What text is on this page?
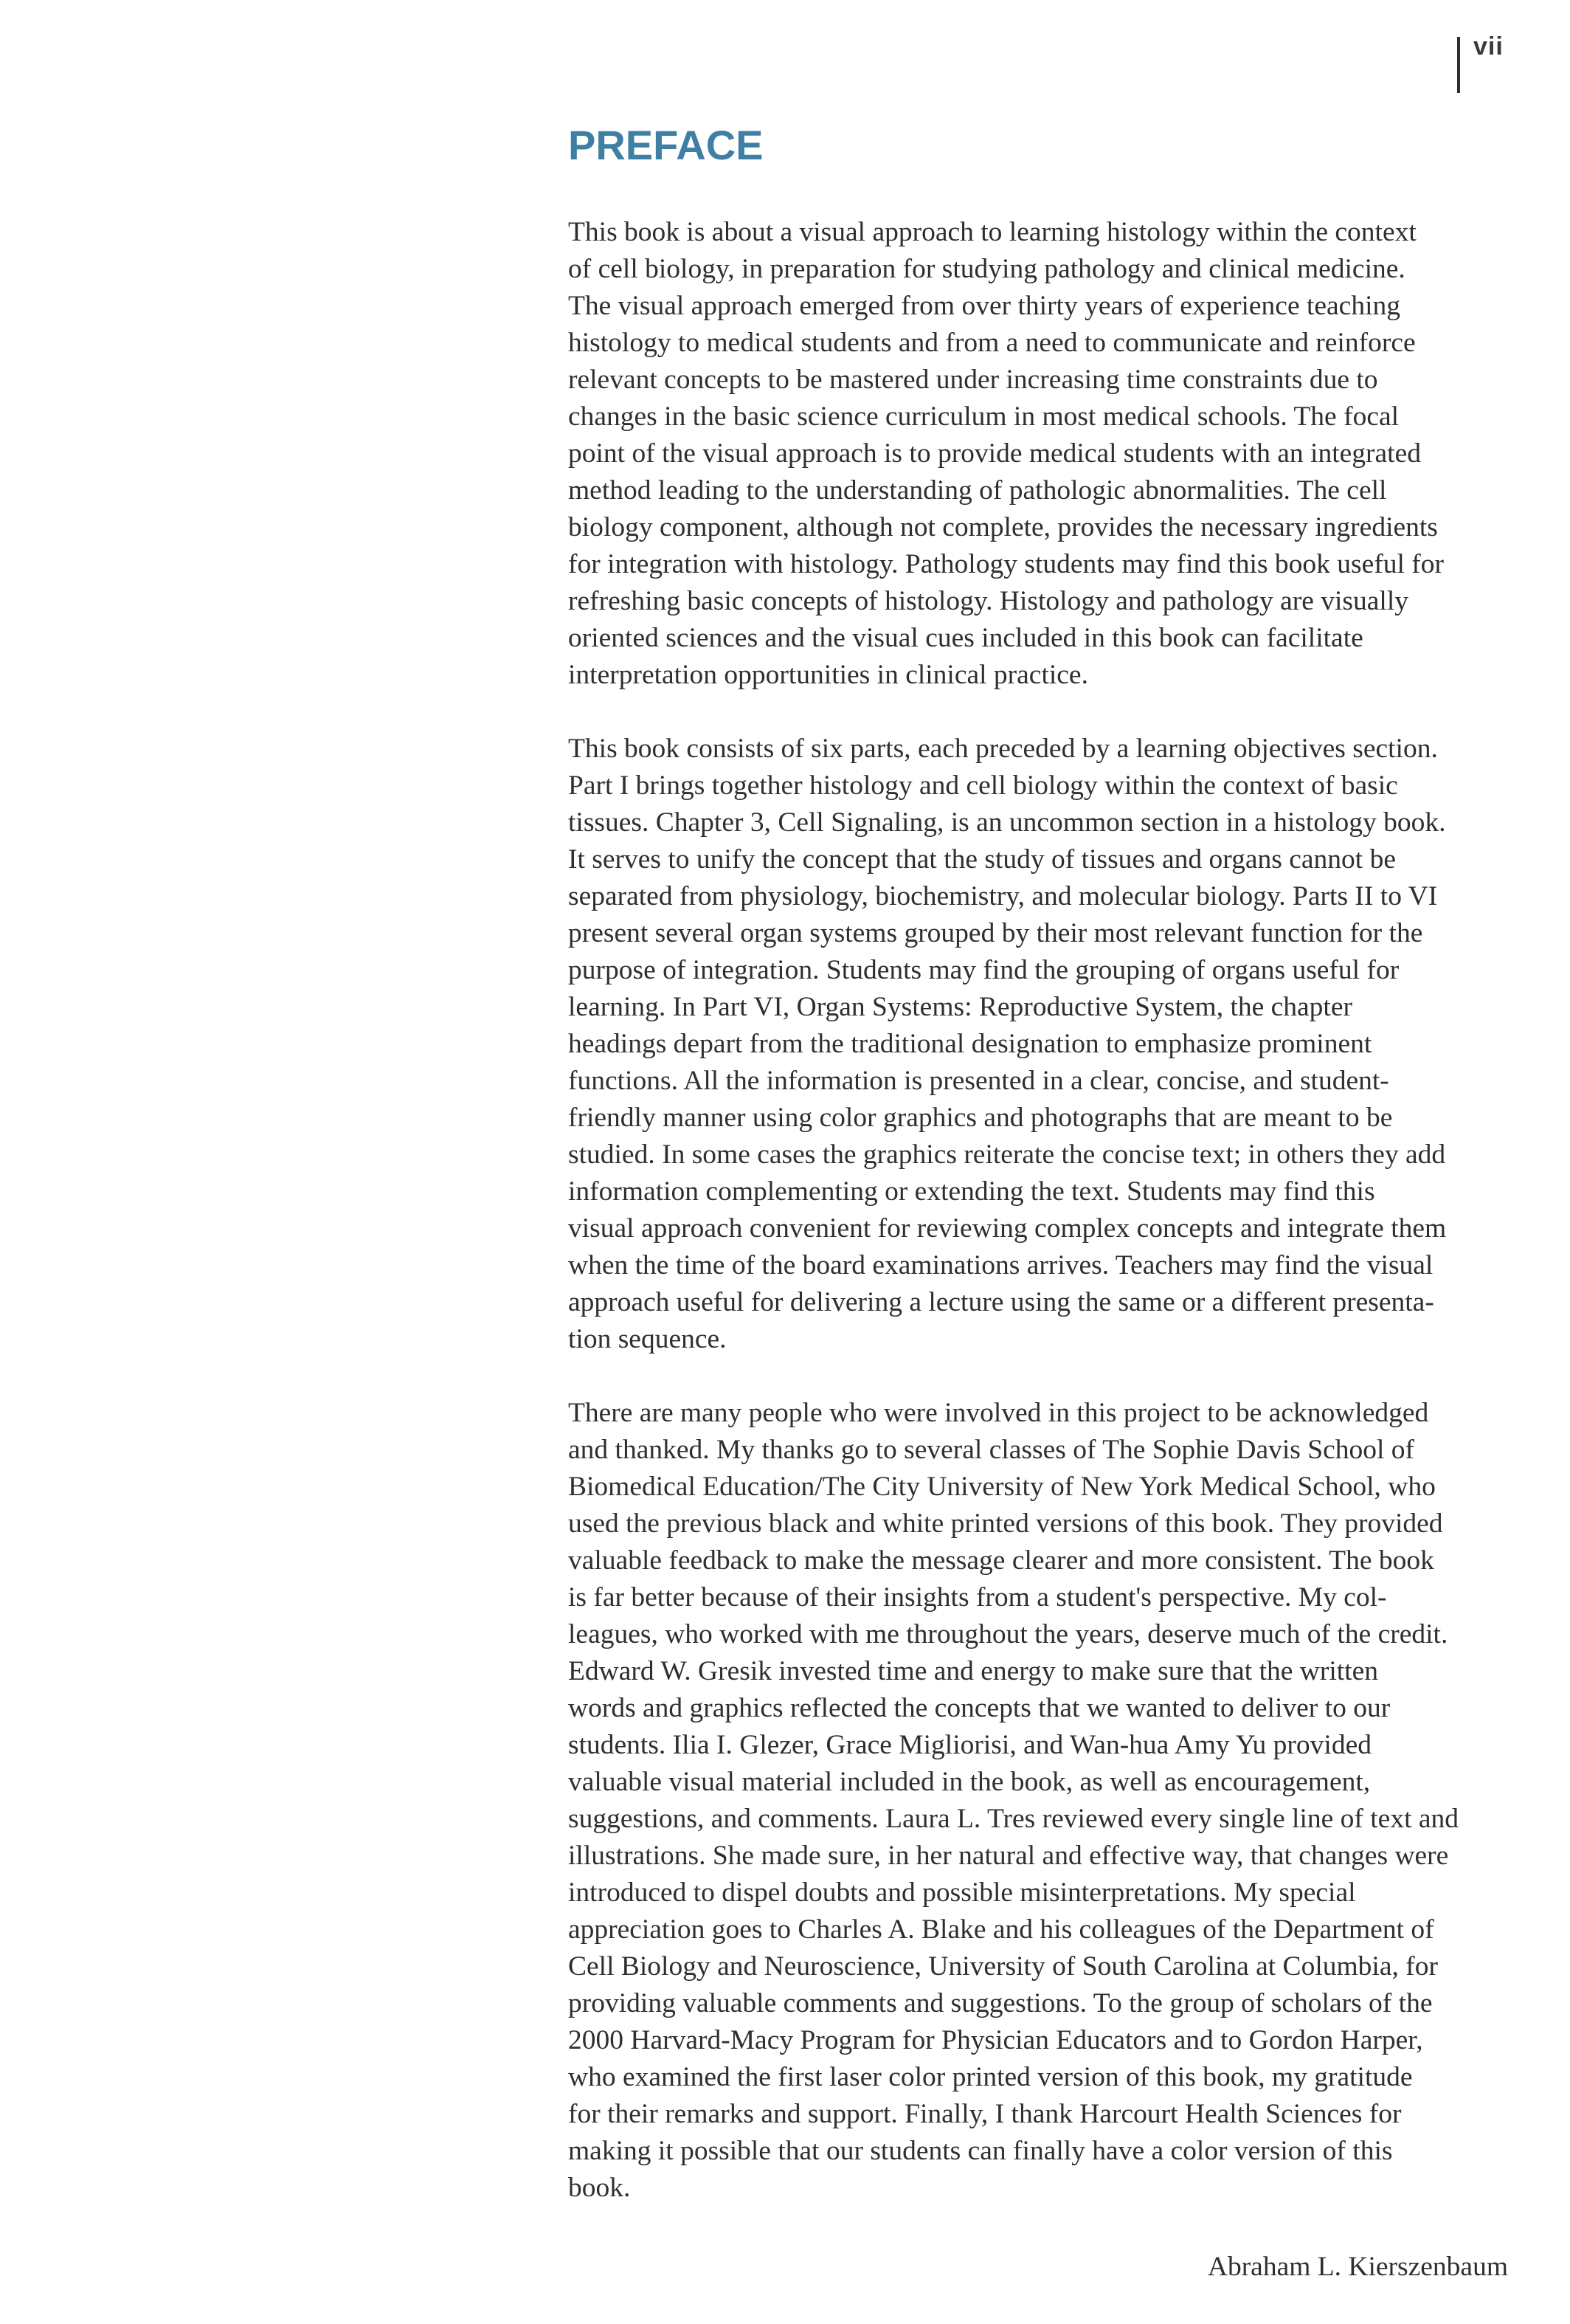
vii
PREFACE
This book is about a visual approach to learning histology within the context
of cell biology, in preparation for studying pathology and clinical medicine.
The visual approach emerged from over thirty years of experience teaching
histology to medical students and from a need to communicate and reinforce
relevant concepts to be mastered under increasing time constraints due to
changes in the basic science curriculum in most medical schools. The focal
point of the visual approach is to provide medical students with an integrated
method leading to the understanding of pathologic abnormalities. The cell
biology component, although not complete, provides the necessary ingredients
for integration with histology. Pathology students may find this book useful for
refreshing basic concepts of histology. Histology and pathology are visually
oriented sciences and the visual cues included in this book can facilitate
interpretation opportunities in clinical practice.
This book consists of six parts, each preceded by a learning objectives section.
Part I brings together histology and cell biology within the context of basic
tissues. Chapter 3, Cell Signaling, is an uncommon section in a histology book.
It serves to unify the concept that the study of tissues and organs cannot be
separated from physiology, biochemistry, and molecular biology. Parts II to VI
present several organ systems grouped by their most relevant function for the
purpose of integration. Students may find the grouping of organs useful for
learning. In Part VI, Organ Systems: Reproductive System, the chapter
headings depart from the traditional designation to emphasize prominent
functions. All the information is presented in a clear, concise, and student-
friendly manner using color graphics and photographs that are meant to be
studied. In some cases the graphics reiterate the concise text; in others they add
information complementing or extending the text. Students may find this
visual approach convenient for reviewing complex concepts and integrate them
when the time of the board examinations arrives. Teachers may find the visual
approach useful for delivering a lecture using the same or a different presenta-
tion sequence.
There are many people who were involved in this project to be acknowledged
and thanked. My thanks go to several classes of The Sophie Davis School of
Biomedical Education/The City University of New York Medical School, who
used the previous black and white printed versions of this book. They provided
valuable feedback to make the message clearer and more consistent. The book
is far better because of their insights from a student's perspective. My col-
leagues, who worked with me throughout the years, deserve much of the credit.
Edward W. Gresik invested time and energy to make sure that the written
words and graphics reflected the concepts that we wanted to deliver to our
students. Ilia I. Glezer, Grace Migliorisi, and Wan-hua Amy Yu provided
valuable visual material included in the book, as well as encouragement,
suggestions, and comments. Laura L. Tres reviewed every single line of text and
illustrations. She made sure, in her natural and effective way, that changes were
introduced to dispel doubts and possible misinterpretations. My special
appreciation goes to Charles A. Blake and his colleagues of the Department of
Cell Biology and Neuroscience, University of South Carolina at Columbia, for
providing valuable comments and suggestions. To the group of scholars of the
2000 Harvard-Macy Program for Physician Educators and to Gordon Harper,
who examined the first laser color printed version of this book, my gratitude
for their remarks and support. Finally, I thank Harcourt Health Sciences for
making it possible that our students can finally have a color version of this
book.
Abraham L. Kierszenbaum
